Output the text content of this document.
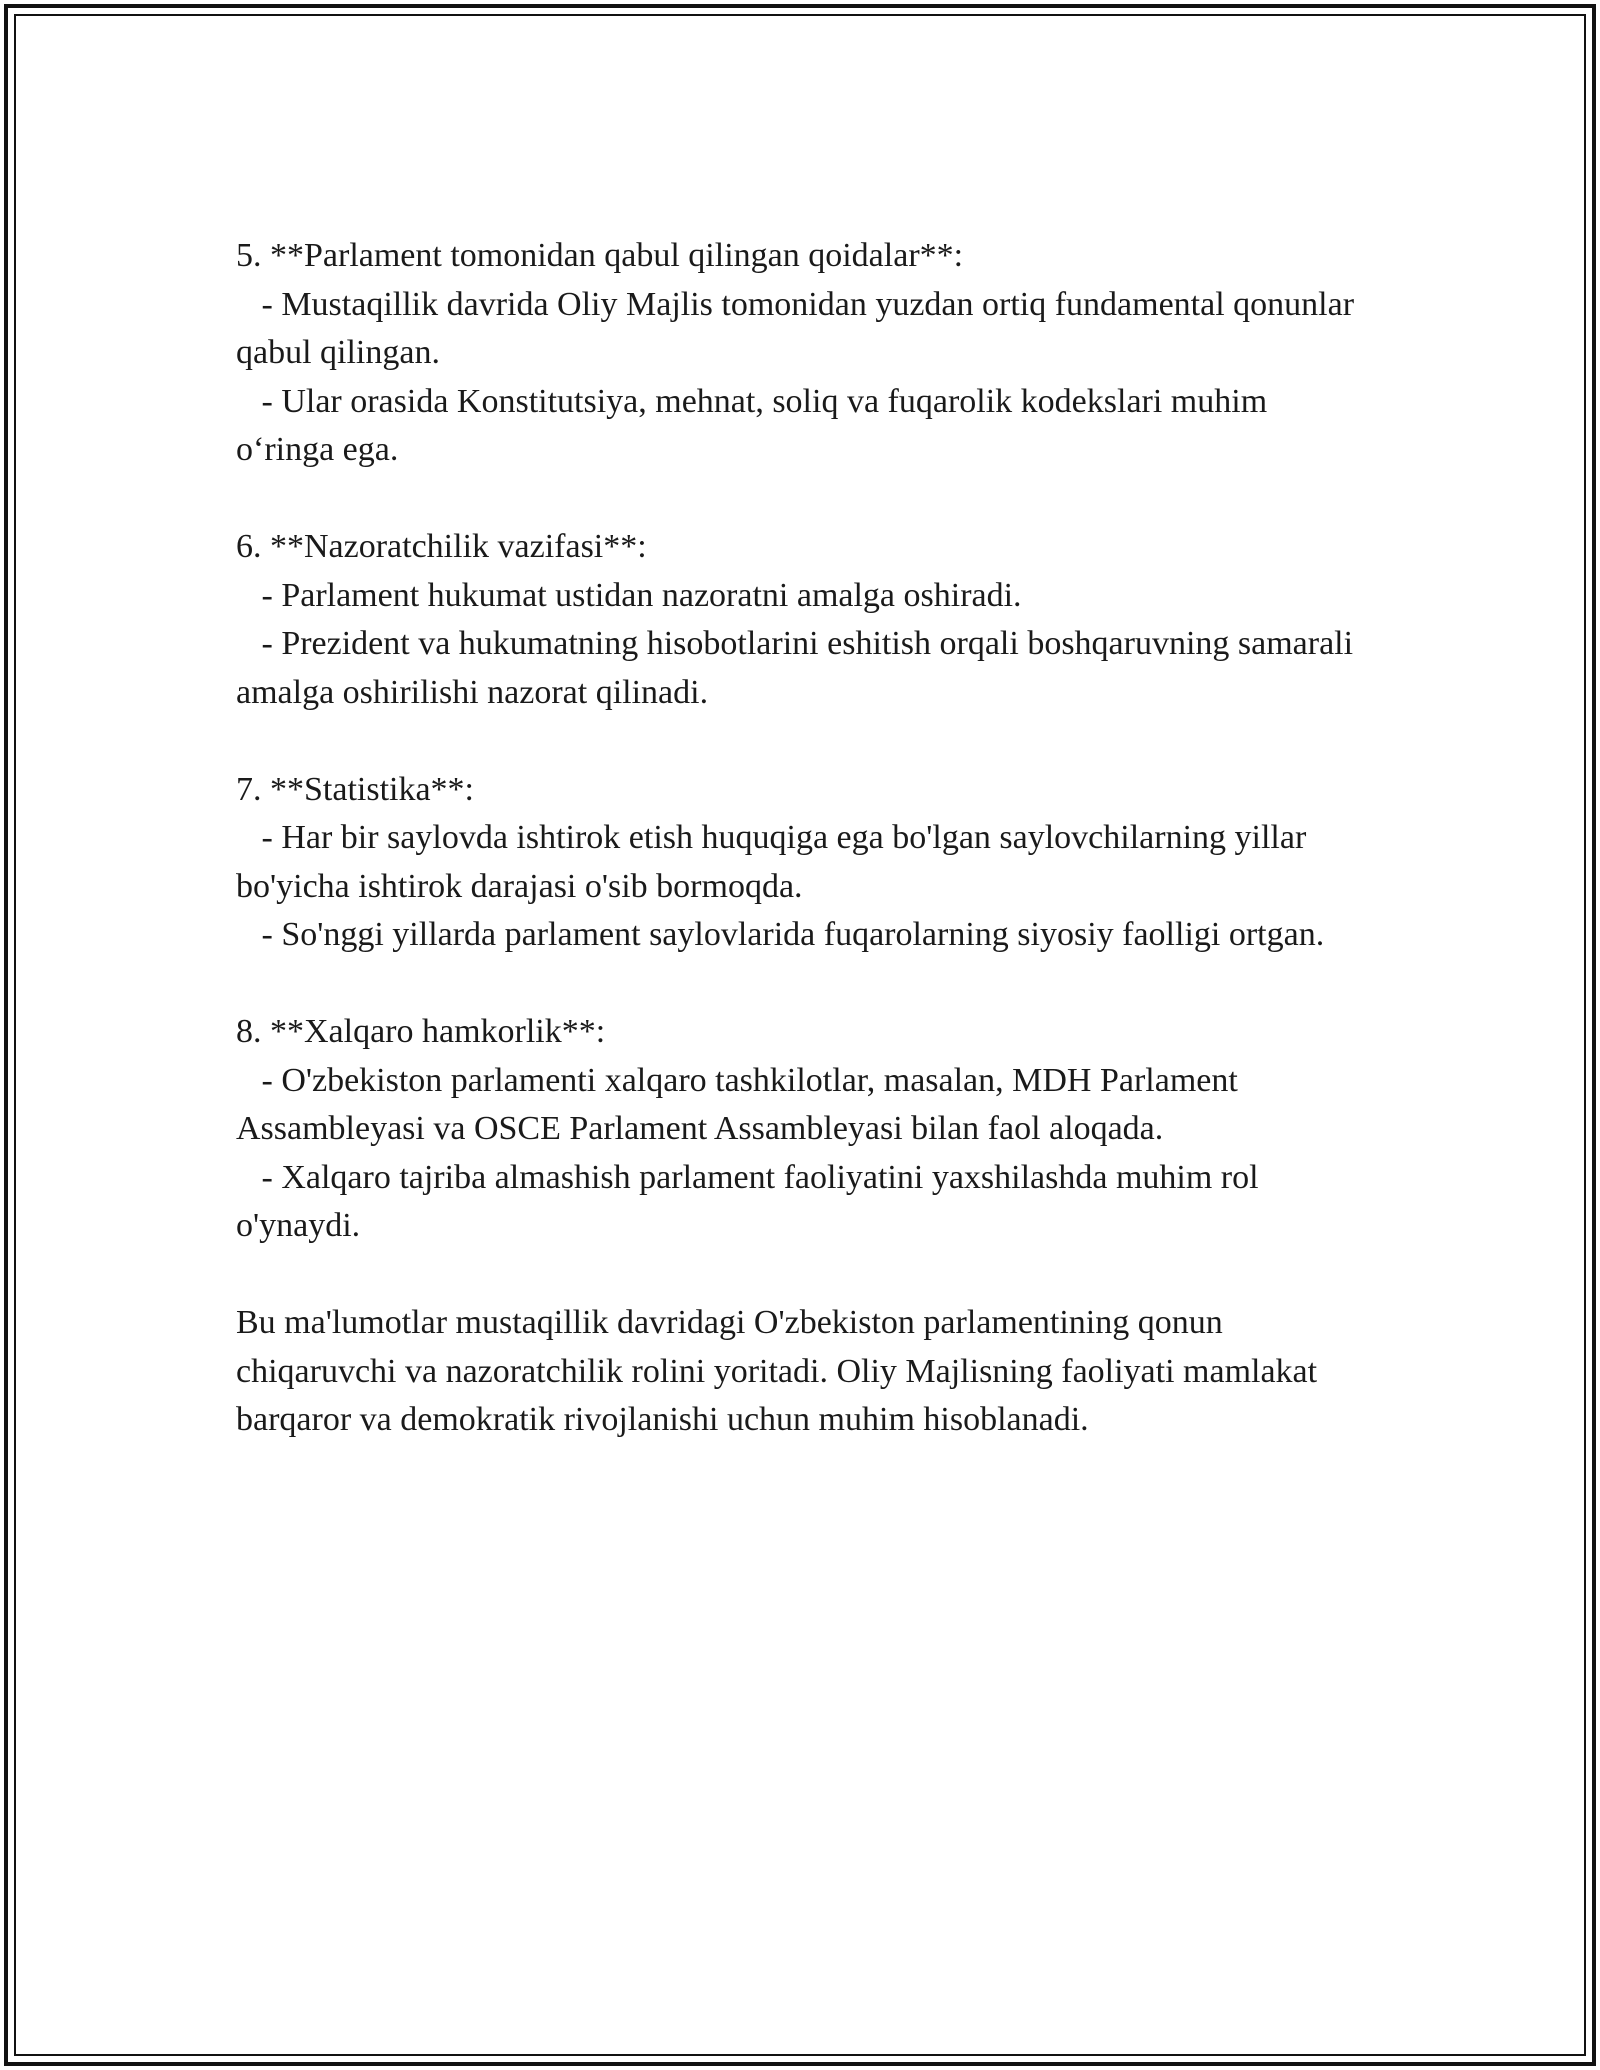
5. **Parlament tomonidan qabul qilingan qoidalar**:
- Mustaqillik davrida Oliy Majlis tomonidan yuzdan ortiq fundamental qonunlar qabul qilingan.
- Ular orasida Konstitutsiya, mehnat, soliq va fuqarolik kodekslari muhim o‘ringa ega.
6. **Nazoratchilik vazifasi**:
- Parlament hukumat ustidan nazoratni amalga oshiradi.
- Prezident va hukumatning hisobotlarini eshitish orqali boshqaruvning samarali amalga oshirilishi nazorat qilinadi.
7. **Statistika**:
- Har bir saylovda ishtirok etish huquqiga ega bo'lgan saylovchilarning yillar bo'yicha ishtirok darajasi o'sib bormoqda.
- So'nggi yillarda parlament saylovlarida fuqarolarning siyosiy faolligi ortgan.
8. **Xalqaro hamkorlik**:
- O'zbekiston parlamenti xalqaro tashkilotlar, masalan, MDH Parlament Assambleyasi va OSCE Parlament Assambleyasi bilan faol aloqada.
- Xalqaro tajriba almashish parlament faoliyatini yaxshilashda muhim rol o'ynaydi.
Bu ma'lumotlar mustaqillik davridagi O'zbekiston parlamentining qonun chiqaruvchi va nazoratchilik rolini yoritadi. Oliy Majlisning faoliyati mamlakat barqaror va demokratik rivojlanishi uchun muhim hisoblanadi.
